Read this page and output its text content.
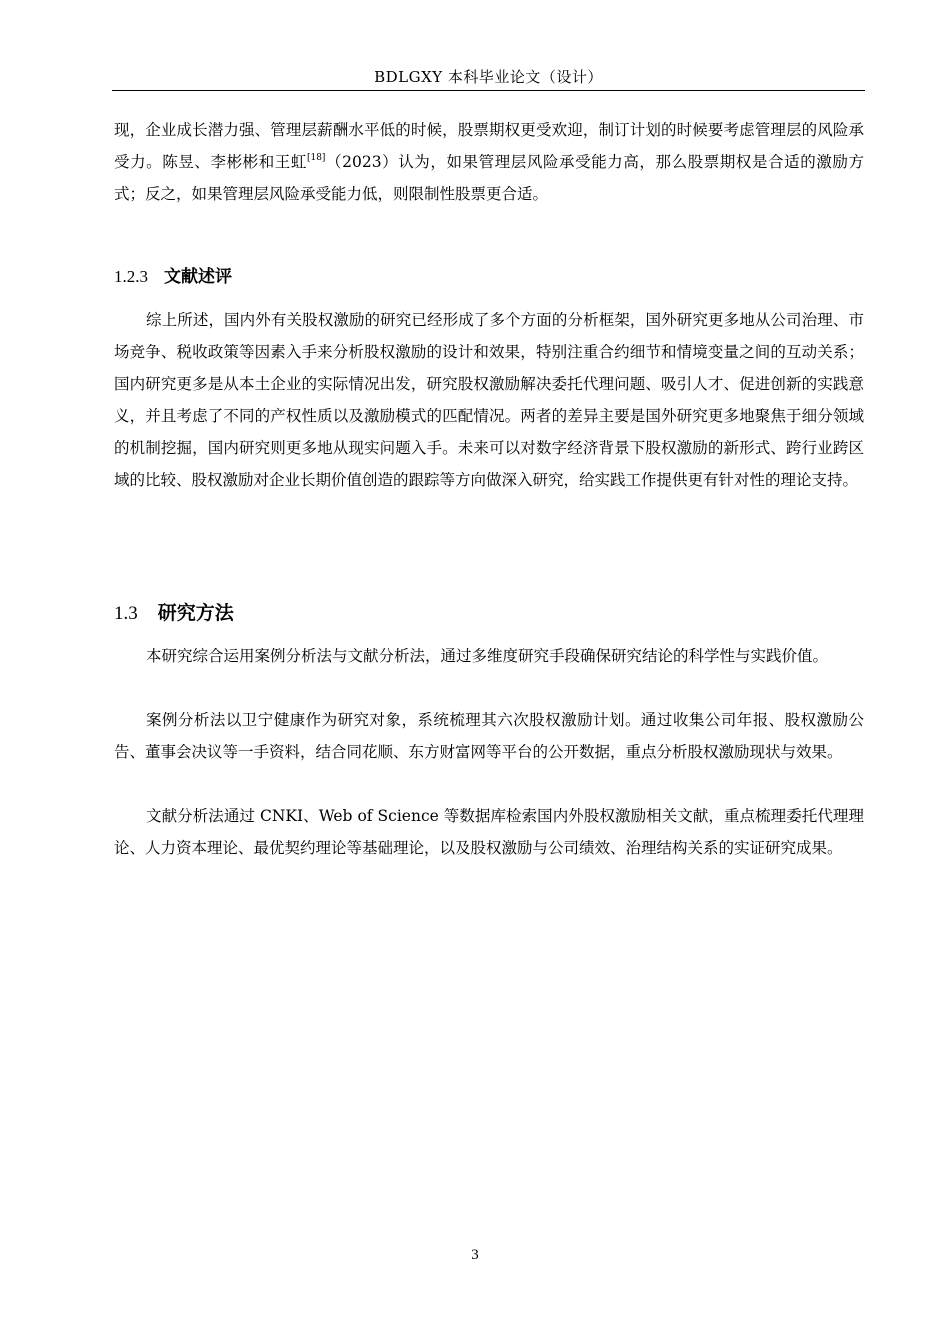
BDLGXY 本科毕业论文（设计）

现，企业成长潜力强、管理层薪酬水平低的时候，股票期权更受欢迎，制订计划的时候要考虑管理层的风险承受力。陈昱、李彬彬和王虹[18]（2023）认为，如果管理层风险承受能力高，那么股票期权是合适的激励方式；反之，如果管理层风险承受能力低，则限制性股票更合适。

1.2.3 文献述评

综上所述，国内外有关股权激励的研究已经形成了多个方面的分析框架，国外研究更多地从公司治理、市场竞争、税收政策等因素入手来分析股权激励的设计和效果，特别注重合约细节和情境变量之间的互动关系；国内研究更多是从本土企业的实际情况出发，研究股权激励解决委托代理问题、吸引人才、促进创新的实践意义，并且考虑了不同的产权性质以及激励模式的匹配情况。两者的差异主要是国外研究更多地聚焦于细分领域的机制挖掘，国内研究则更多地从现实问题入手。未来可以对数字经济背景下股权激励的新形式、跨行业跨区域的比较、股权激励对企业长期价值创造的跟踪等方向做深入研究，给实践工作提供更有针对性的理论支持。

1.3 研究方法

本研究综合运用案例分析法与文献分析法，通过多维度研究手段确保研究结论的科学性与实践价值。

案例分析法以卫宁健康作为研究对象，系统梳理其六次股权激励计划。通过收集公司年报、股权激励公告、董事会决议等一手资料，结合同花顺、东方财富网等平台的公开数据，重点分析股权激励现状与效果。

文献分析法通过 CNKI、Web of Science 等数据库检索国内外股权激励相关文献，重点梳理委托代理理论、人力资本理论、最优契约理论等基础理论，以及股权激励与公司绩效、治理结构关系的实证研究成果。

3
